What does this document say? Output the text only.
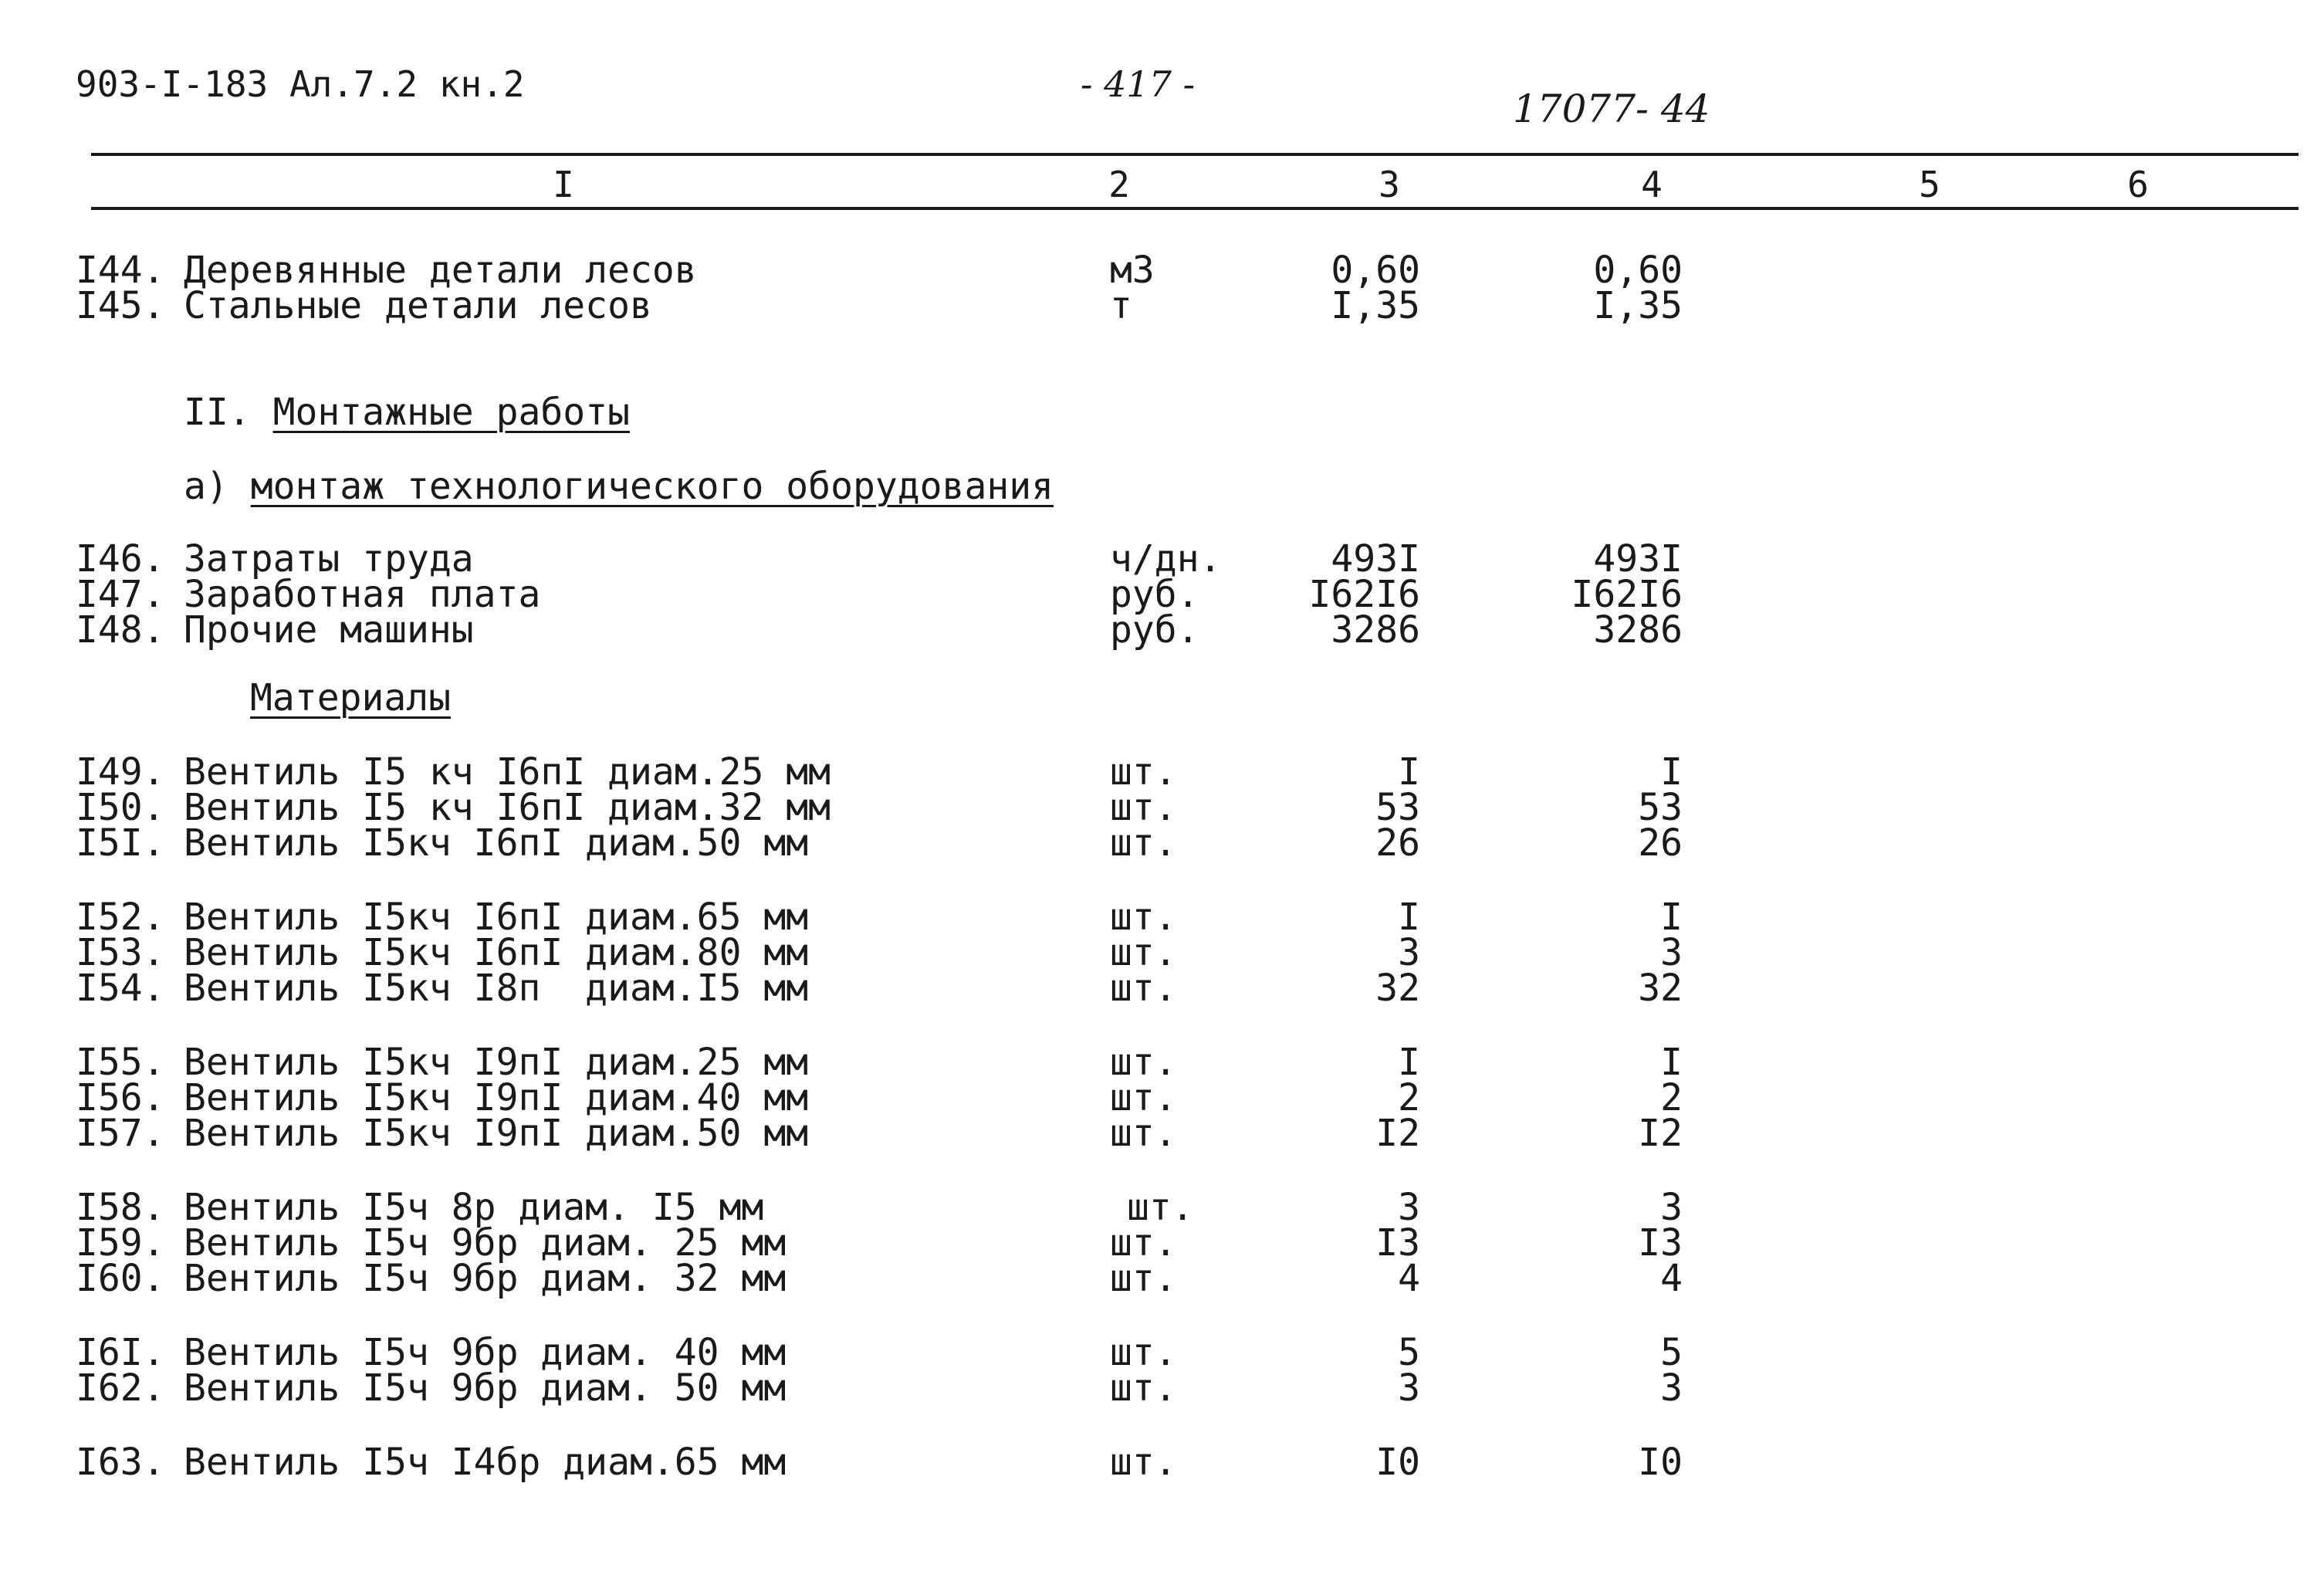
903-I-183 Ал.7.2 кн.2	- 417 -
17077- 44
I	2	3	4	5	6
I44. Деревянные детали лесов	м3	0,60	0,60
I45. Стальные детали лесов	т	I,35	I,35
II. Монтажные работы
а) монтаж технологического оборудования
I46. Затраты труда	ч/дн.	493I	493I
I47. Заработная плата	руб.	I62I6	I62I6
I48. Прочие машины	руб.	3286	3286
Материалы
I49. Вентиль I5 кч I6пI диам.25 мм	шт.	I	I
I50. Вентиль I5 кч I6пI диам.32 мм	шт.	53	53
I5I. Вентиль I5кч I6пI диам.50 мм	шт.	26	26
I52. Вентиль I5кч I6пI диам.65 мм	шт.	I	I
I53. Вентиль I5кч I6пI диам.80 мм	шт.	3	3
I54. Вентиль I5кч I8п  диам.I5 мм	шт.	32	32
I55. Вентиль I5кч I9пI диам.25 мм	шт.	I	I
I56. Вентиль I5кч I9пI диам.40 мм	шт.	2	2
I57. Вентиль I5кч I9пI диам.50 мм	шт.	I2	I2
I58. Вентиль I5ч 8р диам. I5 мм	шт.	3	3
I59. Вентиль I5ч 9бр диам. 25 мм	шт.	I3	I3
I60. Вентиль I5ч 9бр диам. 32 мм	шт.	4	4
I6I. Вентиль I5ч 9бр диам. 40 мм	шт.	5	5
I62. Вентиль I5ч 9бр диам. 50 мм	шт.	3	3
I63. Вентиль I5ч I4бр диам.65 мм	шт.	I0	I0
